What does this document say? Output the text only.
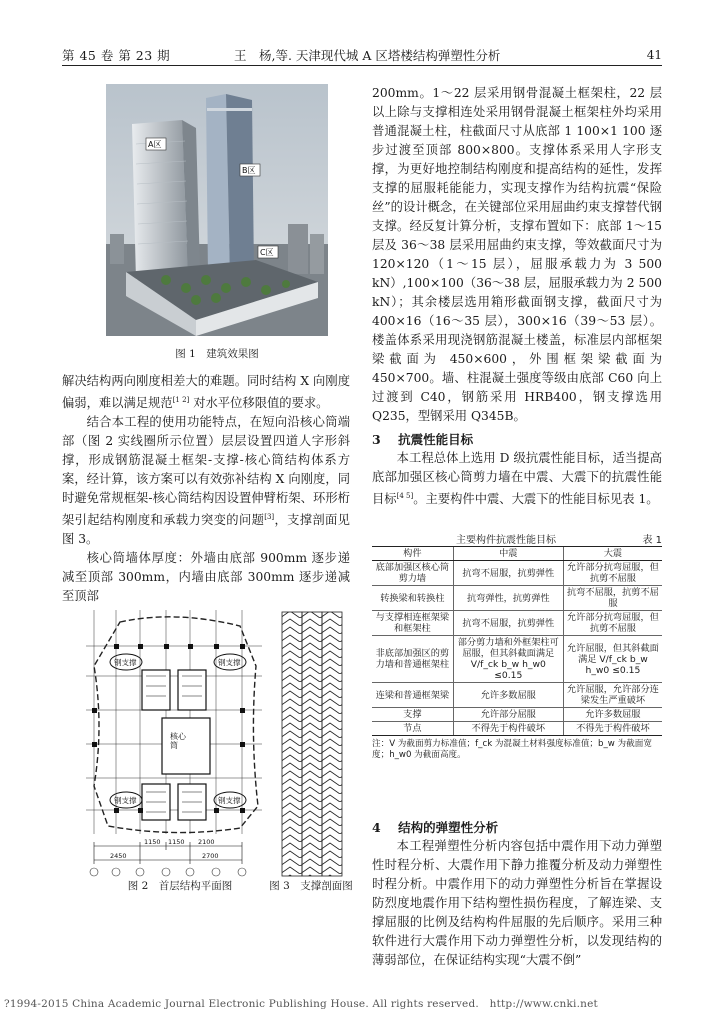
第 45 卷 第 23 期	王　杨,等. 天津现代城 A 区塔楼结构弹塑性分析	41
A区
B区
C区
图 1　建筑效果图

解决结构两向刚度相差大的难题。同时结构 X 向刚度偏弱，难以满足规范[1 2] 对水平位移限值的要求。

结合本工程的使用功能特点，在短向沿核心筒端部（图 2 实线圈所示位置）层层设置四道人字形斜撑，形成钢筋混凝土框架-支撑-核心筒结构体系方案，经计算，该方案可以有效弥补结构 X 向刚度，同时避免常规框架-核心筒结构因设置伸臂桁架、环形桁架引起结构刚度和承载力突变的问题[3]，支撑剖面见图 3。

核心筒墙体厚度：外墙由底部 900mm 逐步递减至顶部 300mm，内墙由底部 300mm 逐步递减至顶部

钢支撑	钢支撑
钢支撑	钢支撑
1150 1150 2100
2450	2700
核心筒
图 2　首层结构平面图	图 3　支撑剖面图

200mm。1～22 层采用钢骨混凝土框架柱，22 层以上除与支撑相连处采用钢骨混凝土框架柱外均采用普通混凝土柱，柱截面尺寸从底部 1 100×1 100 逐步过渡至顶部 800×800。支撑体系采用人字形支撑，为更好地控制结构刚度和提高结构的延性，发挥支撑的屈服耗能能力，实现支撑作为结构抗震“保险丝”的设计概念，在关键部位采用屈曲约束支撑替代钢支撑。经反复计算分析，支撑布置如下：底部 1～15 层及 36～38 层采用屈曲约束支撑，等效截面尺寸为 120×120（1～15 层），屈服承载力为 3 500 kN）,100×100（36～38 层，屈服承载力为 2 500 kN）；其余楼层选用箱形截面钢支撑，截面尺寸为 400×16（16～35 层），300×16（39～53 层）。楼盖体系采用现浇钢筋混凝土楼盖，标准层内部框架梁截面为 450×600，外围框架梁截面为 450×700。墙、柱混凝土强度等级由底部 C60 向上过渡到 C40，钢筋采用 HRB400，钢支撑选用 Q235，型钢采用 Q345B。

3 抗震性能目标

本工程总体上选用 D 级抗震性能目标，适当提高底部加强区核心筒剪力墙在中震、大震下的抗震性能目标[4 5]。主要构件中震、大震下的性能目标见表 1。

主要构件抗震性能目标	表 1
构件	中震	大震
底部加强区核心筒剪力墙	抗弯不屈服，抗剪弹性	允许部分抗弯屈服，但抗剪不屈服
转换梁和转换柱	抗弯弹性，抗剪弹性	抗弯不屈服，抗剪不屈服
与支撑相连框架梁和框架柱	抗弯不屈服，抗剪弹性	允许部分抗弯屈服，但抗剪不屈服
非底部加强区的剪力墙和普通框架柱	部分剪力墙和外框架柱可屈服，但其斜截面满足 V/f_ck b_w h_w0 ≤0.15	允许屈服，但其斜截面满足 V/f_ck b_w h_w0 ≤0.15
连梁和普通框架梁	允许多数屈服	允许屈服，允许部分连梁发生严重破坏
支撑	允许部分屈服	允许多数屈服
节点	不得先于构件破坏	不得先于构件破坏
注：V 为截面剪力标准值；f_ck 为混凝土材料强度标准值；b_w 为截面宽度；h_w0 为截面高度。
4 结构的弹塑性分析

本工程弹塑性分析内容包括中震作用下动力弹塑性时程分析、大震作用下静力推覆分析及动力弹塑性时程分析。中震作用下的动力弹塑性分析旨在掌握设防烈度地震作用下结构塑性损伤程度，了解连梁、支撑屈服的比例及结构构件屈服的先后顺序。采用三种软件进行大震作用下动力弹塑性分析，以发现结构的薄弱部位，在保证结构实现“大震不倒”

?1994-2015 China Academic Journal Electronic Publishing House. All rights reserved.　http://www.cnki.net
